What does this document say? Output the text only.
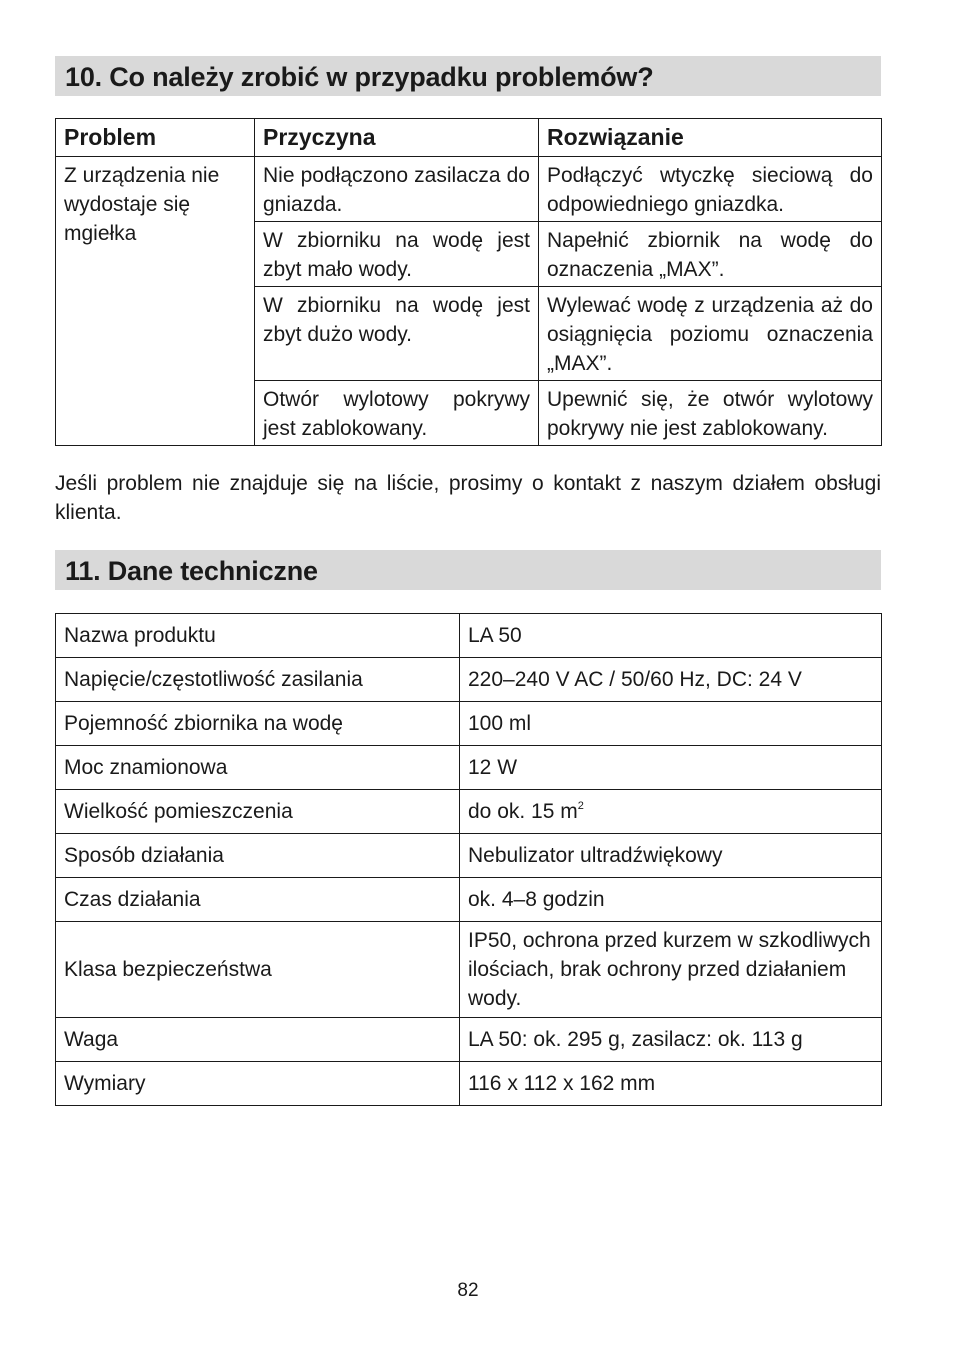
10. Co należy zrobić w przypadku problemów?
Problem	Przyczyna	Rozwiązanie
Z urządzenia nie wydostaje się mgiełka	Nie podłączono zasilacza do gniazda.	Podłączyć wtyczkę sieciową do odpowiedniego gniazdka.
	W zbiorniku na wodę jest zbyt mało wody.	Napełnić zbiornik na wodę do oznaczenia „MAX”.
	W zbiorniku na wodę jest zbyt dużo wody.	Wylewać wodę z urządzenia aż do osiągnięcia poziomu oznaczenia „MAX”.
	Otwór wylotowy pokrywy jest zablokowany.	Upewnić się, że otwór wylotowy pokrywy nie jest zablokowany.
Jeśli problem nie znajduje się na liście, prosimy o kontakt z naszym działem obsługi klienta.
11. Dane techniczne
Nazwa produktu	LA 50
Napięcie/częstotliwość zasilania	220–240 V AC / 50/60 Hz, DC: 24 V
Pojemność zbiornika na wodę	100 ml
Moc znamionowa	12 W
Wielkość pomieszczenia	do ok. 15 $m^2$
Sposób działania	Nebulizator ultradźwiękowy
Czas działania	ok. 4–8 godzin
Klasa bezpieczeństwa	IP50, ochrona przed kurzem w szkodliwych ilościach, brak ochrony przed działaniem wody.
Waga	LA 50: ok. 295 g, zasilacz: ok. 113 g
Wymiary	116 x 112 x 162 mm
82
